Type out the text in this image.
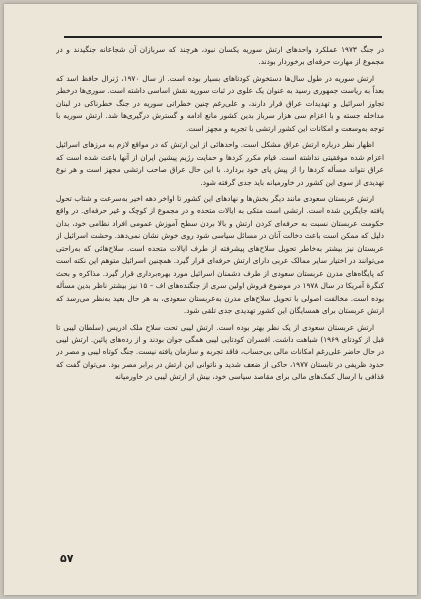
در جنگ ۱۹۷۳ عملکرد واحدهای ارتش سوریه یکسان نبود، هرچند که سربازان آن شجاعانه جنگیدند و در مجموع از مهارت حرفه‌ای برخوردار بودند.

ارتش سوریه در طول سال‌ها دستخوش کودتاهای بسیار بوده است. از سال ۱۹۷۰، ژنرال حافظ اسد که بعداً به ریاست جمهوری رسید به عنوان یک علوی در ثبات سوریه نقش اساسی داشته است. سوری‌ها درخطر تجاوز اسرائیل و تهدیدات عراق قرار دارند، و علی‌رغم چنین خطراتی سوریه در جنگ خطرناکی در لبنان مداخله جسته و با اعزام سی هزار سرباز بدین کشور مانع ادامه و گسترش درگیری‌ها شد. ارتش سوریه با توجه به‌وسعت و امکانات این کشور ارتشی با تجربه و مجهز است.

اظهار نظر درباره ارتش عراق مشکل است. واحدهائی از این ارتش که در مواقع لازم به مرزهای اسرائیل اعزام شده موفقیتی نداشته است. قیام مکرر کردها و حمایت رژیم پیشین ایران از آنها باعث شده است که عراق نتواند مسأله کردها را از پیش پای خود بردارد. با این حال عراق صاحب ارتشی مجهز است و هر نوع تهدیدی از سوی این کشور در خاورمیانه باید جدی گرفته شود.

ارتش عربستان سعودی مانند دیگر بخش‌ها و نهادهای این کشور تا اواخر دهه اخیر به‌سرعت و شتاب تحول یافته جایگزین شده است. ارتشی است متکی به ایالات متحده و در مجموع از کوچک و غیر حرفه‌ای. در واقع حکومت عربستان نسبت به حرفه‌ای کردن ارتش و بالا بردن سطح آموزش عمومی افراد نظامی خود، بدان دلیل که ممکن است باعث دخالت آنان در مسائل سیاسی شود روی خوش نشان نمی‌دهد. وحشت اسرائیل از عربستان نیز بیشتر به‌خاطر تحویل سلاح‌های پیشرفته از طرف ایالات متحده است. سلاح‌هائی که به‌راحتی می‌توانند در اختیار سایر ممالک عربی دارای ارتش حرفه‌ای قرار گیرد. همچنین اسرائیل متوهم این نکته است که پایگاه‌های مدرن عربستان سعودی از طرف دشمنان اسرائیل مورد بهره‌برداری قرار گیرد. مذاکره و بحث کنگرهٔ آمریکا در سال ۱۹۷۸ در موضوع فروش اولین سری از جنگنده‌های اف – ۱۵ نیز بیشتر ناظر بدین مسأله بوده است. مخالفت اصولی با تحویل سلاح‌های مدرن به‌عربستان سعودی، به هر حال بعید به‌نظر می‌رسد که ارتش عربستان برای همسایگان این کشور تهدیدی جدی تلقی شود.

ارتش عربستان سعودی از یک نظر بهتر بوده است. ارتش لیبی تحت سلاح ملک ادریس (سلطان لیبی تا قبل از کودتای ۱۹۶۹) شباهت داشت. افسران کودتایی لیبی همگی جوان بودند و از رده‌های پائین. ارتش لیبی در حال حاضر علی‌رغم امکانات مالی بی‌حساب، فاقد تجربه و سازمان یافته نیست. جنگ کوتاه لیبی و مصر در حدود ظریفی در تابستان ۱۹۷۷، حاکی از ضعف شدید و ناتوانی این ارتش در برابر مصر بود. می‌توان گفت که قذافی با ارسال کمک‌های مالی برای مقاصد سیاسی خود، بیش از ارتش لیبی در خاورمیانه

۵۷
